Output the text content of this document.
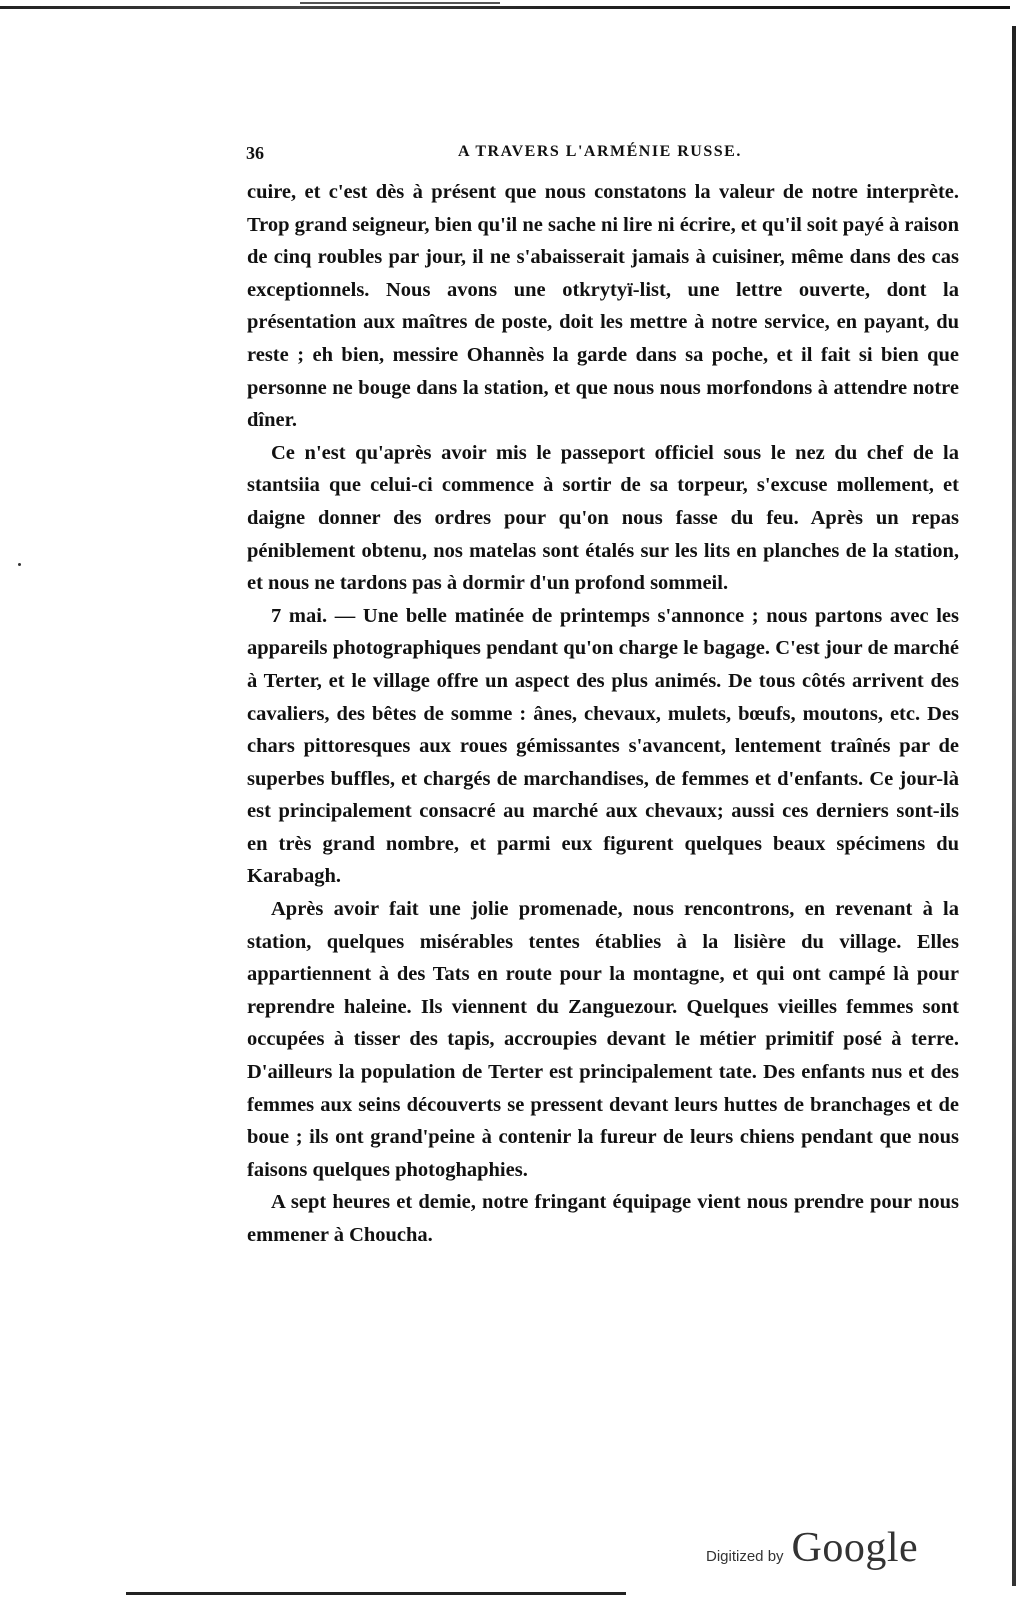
36	A TRAVERS L'ARMÉNIE RUSSE.

cuire, et c'est dès à présent que nous constatons la valeur de notre interprète. Trop grand seigneur, bien qu'il ne sache ni lire ni écrire, et qu'il soit payé à raison de cinq roubles par jour, il ne s'abaisserait jamais à cuisiner, même dans des cas exceptionnels. Nous avons une otkrytyï-list, une lettre ouverte, dont la présentation aux maîtres de poste, doit les mettre à notre service, en payant, du reste ; eh bien, messire Ohannès la garde dans sa poche, et il fait si bien que personne ne bouge dans la station, et que nous nous morfondons à attendre notre dîner.

Ce n'est qu'après avoir mis le passeport officiel sous le nez du chef de la stantsiia que celui-ci commence à sortir de sa torpeur, s'excuse mollement, et daigne donner des ordres pour qu'on nous fasse du feu. Après un repas péniblement obtenu, nos matelas sont étalés sur les lits en planches de la station, et nous ne tardons pas à dormir d'un profond sommeil.

7 mai. — Une belle matinée de printemps s'annonce ; nous partons avec les appareils photographiques pendant qu'on charge le bagage. C'est jour de marché à Terter, et le village offre un aspect des plus animés. De tous côtés arrivent des cavaliers, des bêtes de somme : ânes, chevaux, mulets, bœufs, moutons, etc. Des chars pittoresques aux roues gémissantes s'avancent, lentement traînés par de superbes buffles, et chargés de marchandises, de femmes et d'enfants. Ce jour-là est principalement consacré au marché aux chevaux; aussi ces derniers sont-ils en très grand nombre, et parmi eux figurent quelques beaux spécimens du Karabagh.

Après avoir fait une jolie promenade, nous rencontrons, en revenant à la station, quelques misérables tentes établies à la lisière du village. Elles appartiennent à des Tats en route pour la montagne, et qui ont campé là pour reprendre haleine. Ils viennent du Zanguezour. Quelques vieilles femmes sont occupées à tisser des tapis, accroupies devant le métier primitif posé à terre. D'ailleurs la population de Terter est principalement tate. Des enfants nus et des femmes aux seins découverts se pressent devant leurs huttes de branchages et de boue ; ils ont grand'peine à contenir la fureur de leurs chiens pendant que nous faisons quelques photoghaphies.

A sept heures et demie, notre fringant équipage vient nous prendre pour nous emmener à Choucha.

Digitized by Google
